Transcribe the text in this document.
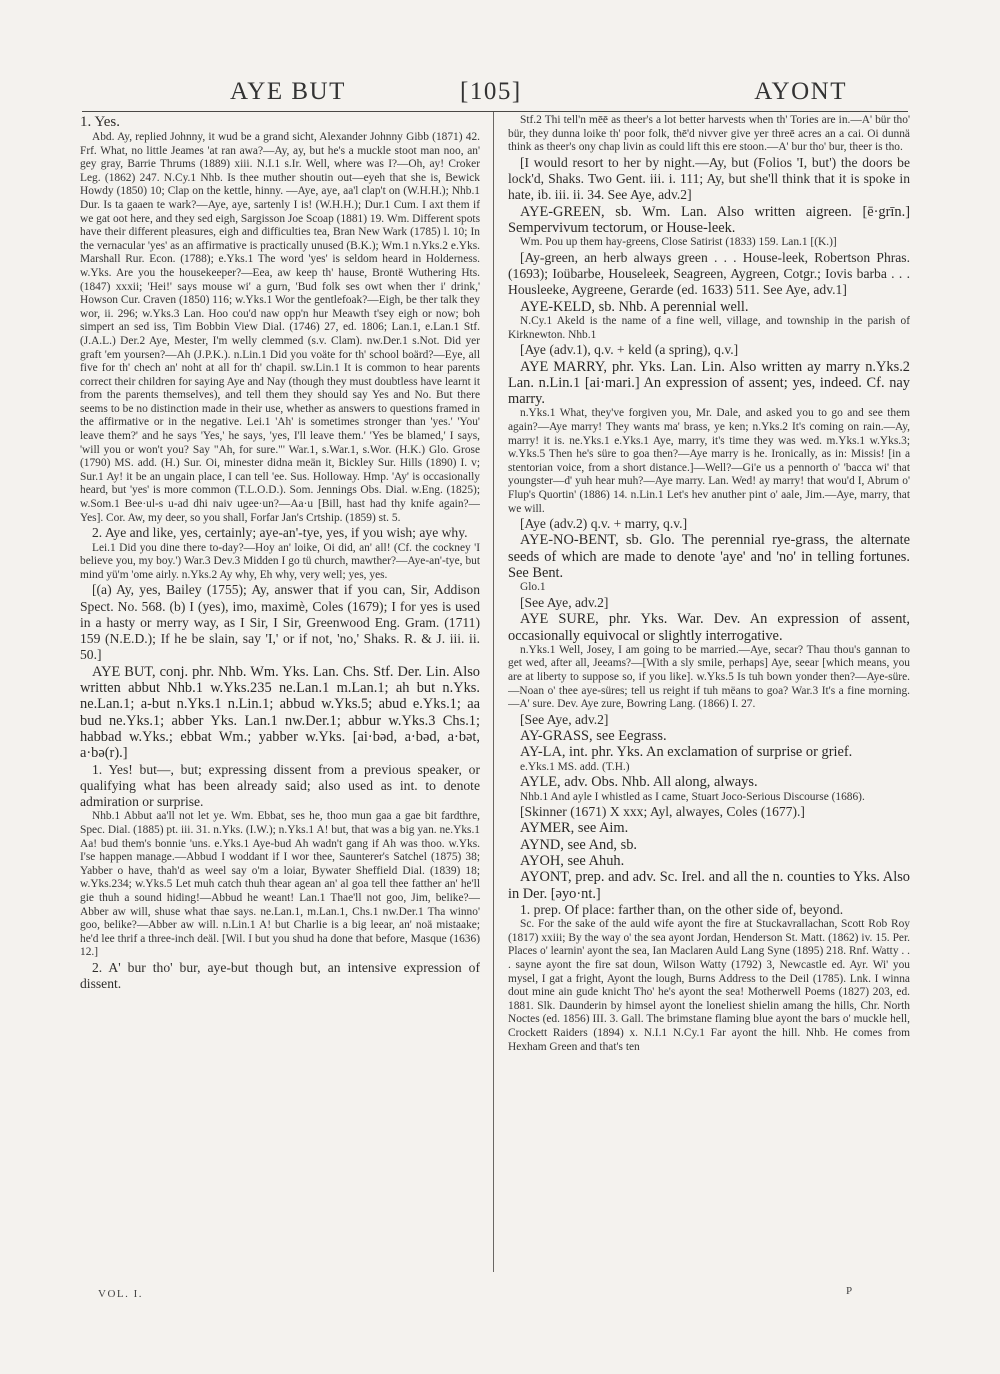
AYE BUT	[105]	AYONT

1. Yes.

Abd. Ay, replied Johnny, it wud be a grand sicht, Alexander Johnny Gibb (1871) 42. Frf. What, no little Jeames 'at ran awa?—Ay, ay, but he's a muckle stoot man noo, an' gey gray, Barrie Thrums (1889) xiii. N.I.1 s.Ir. Well, where was I?—Oh, ay! Croker Leg. (1862) 247. N.Cy.1 Nhb. Is thee muther shoutin out—eyeh that she is, Bewick Howdy (1850) 10; Clap on the kettle, hinny. —Aye, aye, aa'l clap't on (W.H.H.); Nhb.1 Dur. Is ta gaaen te wark?—Aye, aye, sartenly I is! (W.H.H.); Dur.1 Cum. I axt them if we gat oot here, and they sed eigh, Sargisson Joe Scoap (1881) 19. Wm. Different spots have their different pleasures, eigh and difficulties tea, Bran New Wark (1785) l. 10; In the vernacular 'yes' as an affirmative is practically unused (B.K.); Wm.1 n.Yks.2 e.Yks. Marshall Rur. Econ. (1788); e.Yks.1 The word 'yes' is seldom heard in Holderness. w.Yks. Are you the housekeeper?—Eea, aw keep th' hause, Brontë Wuthering Hts. (1847) xxxii; 'Hei!' says mouse wi' a gurn, 'Bud folk ses owt when ther i' drink,' Howson Cur. Craven (1850) 116; w.Yks.1 Wor the gentlefoak?—Eigh, be ther talk they wor, ii. 296; w.Yks.3 Lan. Hoo cou'd naw opp'n hur Meawth t'sey eigh or now; boh simpert an sed iss, Tim Bobbin View Dial. (1746) 27, ed. 1806; Lan.1, e.Lan.1 Stf. (J.A.L.) Der.2 Aye, Mester, I'm welly clemmed (s.v. Clam). nw.Der.1 s.Not. Did yer graft 'em yoursen?—Ah (J.P.K.). n.Lin.1 Did you voäte for th' school boärd?—Eye, all five for th' chech an' noht at all for th' chapil. sw.Lin.1 It is common to hear parents correct their children for saying Aye and Nay (though they must doubtless have learnt it from the parents themselves), and tell them they should say Yes and No. But there seems to be no distinction made in their use, whether as answers to questions framed in the affirmative or in the negative. Lei.1 'Ah' is sometimes stronger than 'yes.' 'You' leave them?' and he says 'Yes,' he says, 'yes, I'll leave them.' 'Yes be blamed,' I says, 'will you or won't you? Say "Ah, for sure."' War.1, s.War.1, s.Wor. (H.K.) Glo. Grose (1790) MS. add. (H.) Sur. Oi, minester didna meän it, Bickley Sur. Hills (1890) I. v; Sur.1 Ay! it be an ungain place, I can tell 'ee. Sus. Holloway. Hmp. 'Ay' is occasionally heard, but 'yes' is more common (T.L.O.D.). Som. Jennings Obs. Dial. w.Eng. (1825); w.Som.1 Bee·ul-s u-ad dhi naiv ugee·un?—Aa·u [Bill, hast had thy knife again?—Yes]. Cor. Aw, my deer, so you shall, Forfar Jan's Crtship. (1859) st. 5.

2. Aye and like, yes, certainly; aye-an'-tye, yes, if you wish; aye why.

Lei.1 Did you dine there to-day?—Hoy an' loike, Oi did, an' all! (Cf. the cockney 'I believe you, my boy.') War.3 Dev.3 Midden I go tü church, mawther?—Aye-an'-tye, but mind yü'm 'ome airly. n.Yks.2 Ay why, Eh why, very well; yes, yes.

[(a) Ay, yes, Bailey (1755); Ay, answer that if you can, Sir, Addison Spect. No. 568. (b) I (yes), imo, maximè, Coles (1679); I for yes is used in a hasty or merry way, as I Sir, I Sir, Greenwood Eng. Gram. (1711) 159 (N.E.D.); If he be slain, say 'I,' or if not, 'no,' Shaks. R. & J. iii. ii. 50.]

AYE BUT, conj. phr. Nhb. Wm. Yks. Lan. Chs. Stf. Der. Lin. Also written abbut Nhb.1 w.Yks.235 ne.Lan.1 m.Lan.1; ah but n.Yks. ne.Lan.1; a-but n.Yks.1 n.Lin.1; abbud w.Yks.5; abud e.Yks.1; aa bud ne.Yks.1; abber Yks. Lan.1 nw.Der.1; abbur w.Yks.3 Chs.1; habbad w.Yks.; ebbat Wm.; yabber w.Yks. [ai·bəd, a·bəd, a·bət, a·bə(r).]

1. Yes! but—, but; expressing dissent from a previous speaker, or qualifying what has been already said; also used as int. to denote admiration or surprise.

Nhb.1 Abbut aa'll not let ye. Wm. Ebbat, ses he, thoo mun gaa a gae bit fardthre, Spec. Dial. (1885) pt. iii. 31. n.Yks. (I.W.); n.Yks.1 A! but, that was a big yan. ne.Yks.1 Aa! bud them's bonnie 'uns. e.Yks.1 Aye-bud Ah wadn't gang if Ah was thoo. w.Yks. I'se happen manage.—Abbud I woddant if I wor thee, Saunterer's Satchel (1875) 38; Yabber o have, thah'd as weel say o'm a loiar, Bywater Sheffield Dial. (1839) 18; w.Yks.234; w.Yks.5 Let muh catch thuh thear agean an' al goa tell thee fatther an' he'll gie thuh a sound hiding!—Abbud he weant! Lan.1 Thae'll not goo, Jim, belike?—Abber aw will, shuse what thae says. ne.Lan.1, m.Lan.1, Chs.1 nw.Der.1 Tha winno' goo, belike?—Abber aw will. n.Lin.1 A! but Charlie is a big leear, an' noä mistaake; he'd lee thrif a three-inch deäl. [Wil. I but you shud ha done that before, Masque (1636) 12.]

2. A' bur tho' bur, aye-but though but, an intensive expression of dissent.

Stf.2 Thi tell'n mēē as theer's a lot better harvests when th' Tories are in.—A' bür tho' bür, they dunna loike th' poor folk, thē'd nivver give yer threē acres an a cai. Oi dunnä think as theer's ony chap livin as could lift this ere stoon.—A' bur tho' bur, theer is tho.

[I would resort to her by night.—Ay, but (Folios 'I, but') the doors be lock'd, Shaks. Two Gent. iii. i. 111; Ay, but she'll think that it is spoke in hate, ib. iii. ii. 34. See Aye, adv.2]

AYE-GREEN, sb. Wm. Lan. Also written aigreen. [ē·grīn.] Sempervivum tectorum, or House-leek.

Wm. Pou up them hay-greens, Close Satirist (1833) 159. Lan.1 [(K.)]

[Ay-green, an herb always green . . . House-leek, Robertson Phras. (1693); Ioübarbe, Houseleek, Seagreen, Aygreen, Cotgr.; Iovis barba . . . Housleeke, Aygreene, Gerarde (ed. 1633) 511. See Aye, adv.1]

AYE-KELD, sb. Nhb. A perennial well.

N.Cy.1 Akeld is the name of a fine well, village, and township in the parish of Kirknewton. Nhb.1

[Aye (adv.1), q.v. + keld (a spring), q.v.]

AYE MARRY, phr. Yks. Lan. Lin. Also written ay marry n.Yks.2 Lan. n.Lin.1 [ai·mari.] An expression of assent; yes, indeed. Cf. nay marry.

n.Yks.1 What, they've forgiven you, Mr. Dale, and asked you to go and see them again?—Aye marry! They wants ma' brass, ye ken; n.Yks.2 It's coming on rain.—Ay, marry! it is. ne.Yks.1 e.Yks.1 Aye, marry, it's time they was wed. m.Yks.1 w.Yks.3; w.Yks.5 Then he's süre to goa then?—Aye marry is he. Ironically, as in: Missis! [in a stentorian voice, from a short distance.]—Well?—Gi'e us a pennorth o' 'bacca wi' that youngster—d' yuh hear muh?—Aye marry. Lan. Wed! ay marry! that wou'd I, Abrum o' Flup's Quortin' (1886) 14. n.Lin.1 Let's hev anuther pint o' aale, Jim.—Aye, marry, that we will.

[Aye (adv.2) q.v. + marry, q.v.]

AYE-NO-BENT, sb. Glo. The perennial rye-grass, the alternate seeds of which are made to denote 'aye' and 'no' in telling fortunes. See Bent.

Glo.1

[See Aye, adv.2]

AYE SURE, phr. Yks. War. Dev. An expression of assent, occasionally equivocal or slightly interrogative.

n.Yks.1 Well, Josey, I am going to be married.—Aye, secar? Thau thou's gannan to get wed, after all, Jeeams?—[With a sly smile, perhaps] Aye, seear [which means, you are at liberty to suppose so, if you like]. w.Yks.5 Is tuh bown yonder then?—Aye-süre.—Noan o' thee aye-süres; tell us reight if tuh mëans to goa? War.3 It's a fine morning.—A' sure. Dev. Aye zure, Bowring Lang. (1866) I. 27.

[See Aye, adv.2]

AY-GRASS, see Eegrass.

AY-LA, int. phr. Yks. An exclamation of surprise or grief.

e.Yks.1 MS. add. (T.H.)

AYLE, adv. Obs. Nhb. All along, always.

Nhb.1 And ayle I whistled as I came, Stuart Joco-Serious Discourse (1686).

[Skinner (1671) X xxx; Ayl, alwayes, Coles (1677).]

AYMER, see Aim.

AYND, see And, sb.

AYOH, see Ahuh.

AYONT, prep. and adv. Sc. Irel. and all the n. counties to Yks. Also in Der. [əyo·nt.]

1. prep. Of place: farther than, on the other side of, beyond.

Sc. For the sake of the auld wife ayont the fire at Stuckavrallachan, Scott Rob Roy (1817) xxiii; By the way o' the sea ayont Jordan, Henderson St. Matt. (1862) iv. 15. Per. Places o' learnin' ayont the sea, Ian Maclaren Auld Lang Syne (1895) 218. Rnf. Watty . . . sayne ayont the fire sat doun, Wilson Watty (1792) 3, Newcastle ed. Ayr. Wi' you mysel, I gat a fright, Ayont the lough, Burns Address to the Deil (1785). Lnk. I winna dout mine ain gude knicht Tho' he's ayont the sea! Motherwell Poems (1827) 203, ed. 1881. Slk. Daunderin by himsel ayont the loneliest shielin amang the hills, Chr. North Noctes (ed. 1856) III. 3. Gall. The brimstane flaming blue ayont the bars o' muckle hell, Crockett Raiders (1894) x. N.I.1 N.Cy.1 Far ayont the hill. Nhb. He comes from Hexham Green and that's ten

VOL. I.	P
